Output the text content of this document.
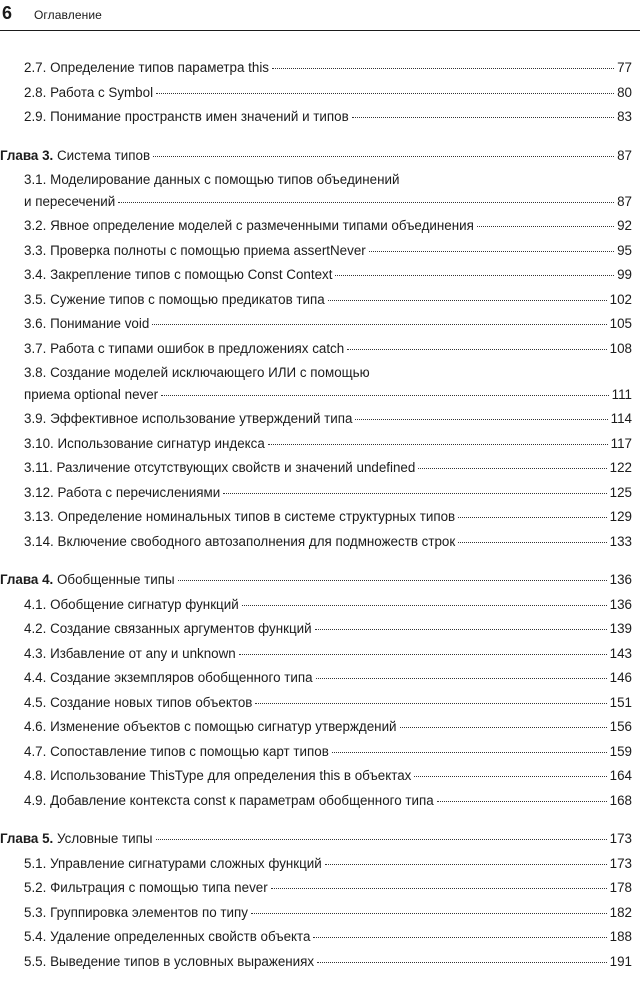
6 Оглавление
2.7. Определение типов параметра this	77
2.8. Работа с Symbol	80
2.9. Понимание пространств имен значений и типов	83
Глава 3. Система типов	87
3.1. Моделирование данных с помощью типов объединений
и пересечений	87
3.2. Явное определение моделей с размеченными типами объединения	92
3.3. Проверка полноты с помощью приема assertNever	95
3.4. Закрепление типов с помощью Const Context	99
3.5. Сужение типов с помощью предикатов типа	102
3.6. Понимание void	105
3.7. Работа с типами ошибок в предложениях catch	108
3.8. Создание моделей исключающего ИЛИ с помощью
приема optional never	111
3.9. Эффективное использование утверждений типа	114
3.10. Использование сигнатур индекса	117
3.11. Различение отсутствующих свойств и значений undefined	122
3.12. Работа с перечислениями	125
3.13. Определение номинальных типов в системе структурных типов	129
3.14. Включение свободного автозаполнения для подмножеств строк	133
Глава 4. Обобщенные типы	136
4.1. Обобщение сигнатур функций	136
4.2. Создание связанных аргументов функций	139
4.3. Избавление от any и unknown	143
4.4. Создание экземпляров обобщенного типа	146
4.5. Создание новых типов объектов	151
4.6. Изменение объектов с помощью сигнатур утверждений	156
4.7. Сопоставление типов с помощью карт типов	159
4.8. Использование ThisType для определения this в объектах	164
4.9. Добавление контекста const к параметрам обобщенного типа	168
Глава 5. Условные типы	173
5.1. Управление сигнатурами сложных функций	173
5.2. Фильтрация с помощью типа never	178
5.3. Группировка элементов по типу	182
5.4. Удаление определенных свойств объекта	188
5.5. Выведение типов в условных выражениях	191
